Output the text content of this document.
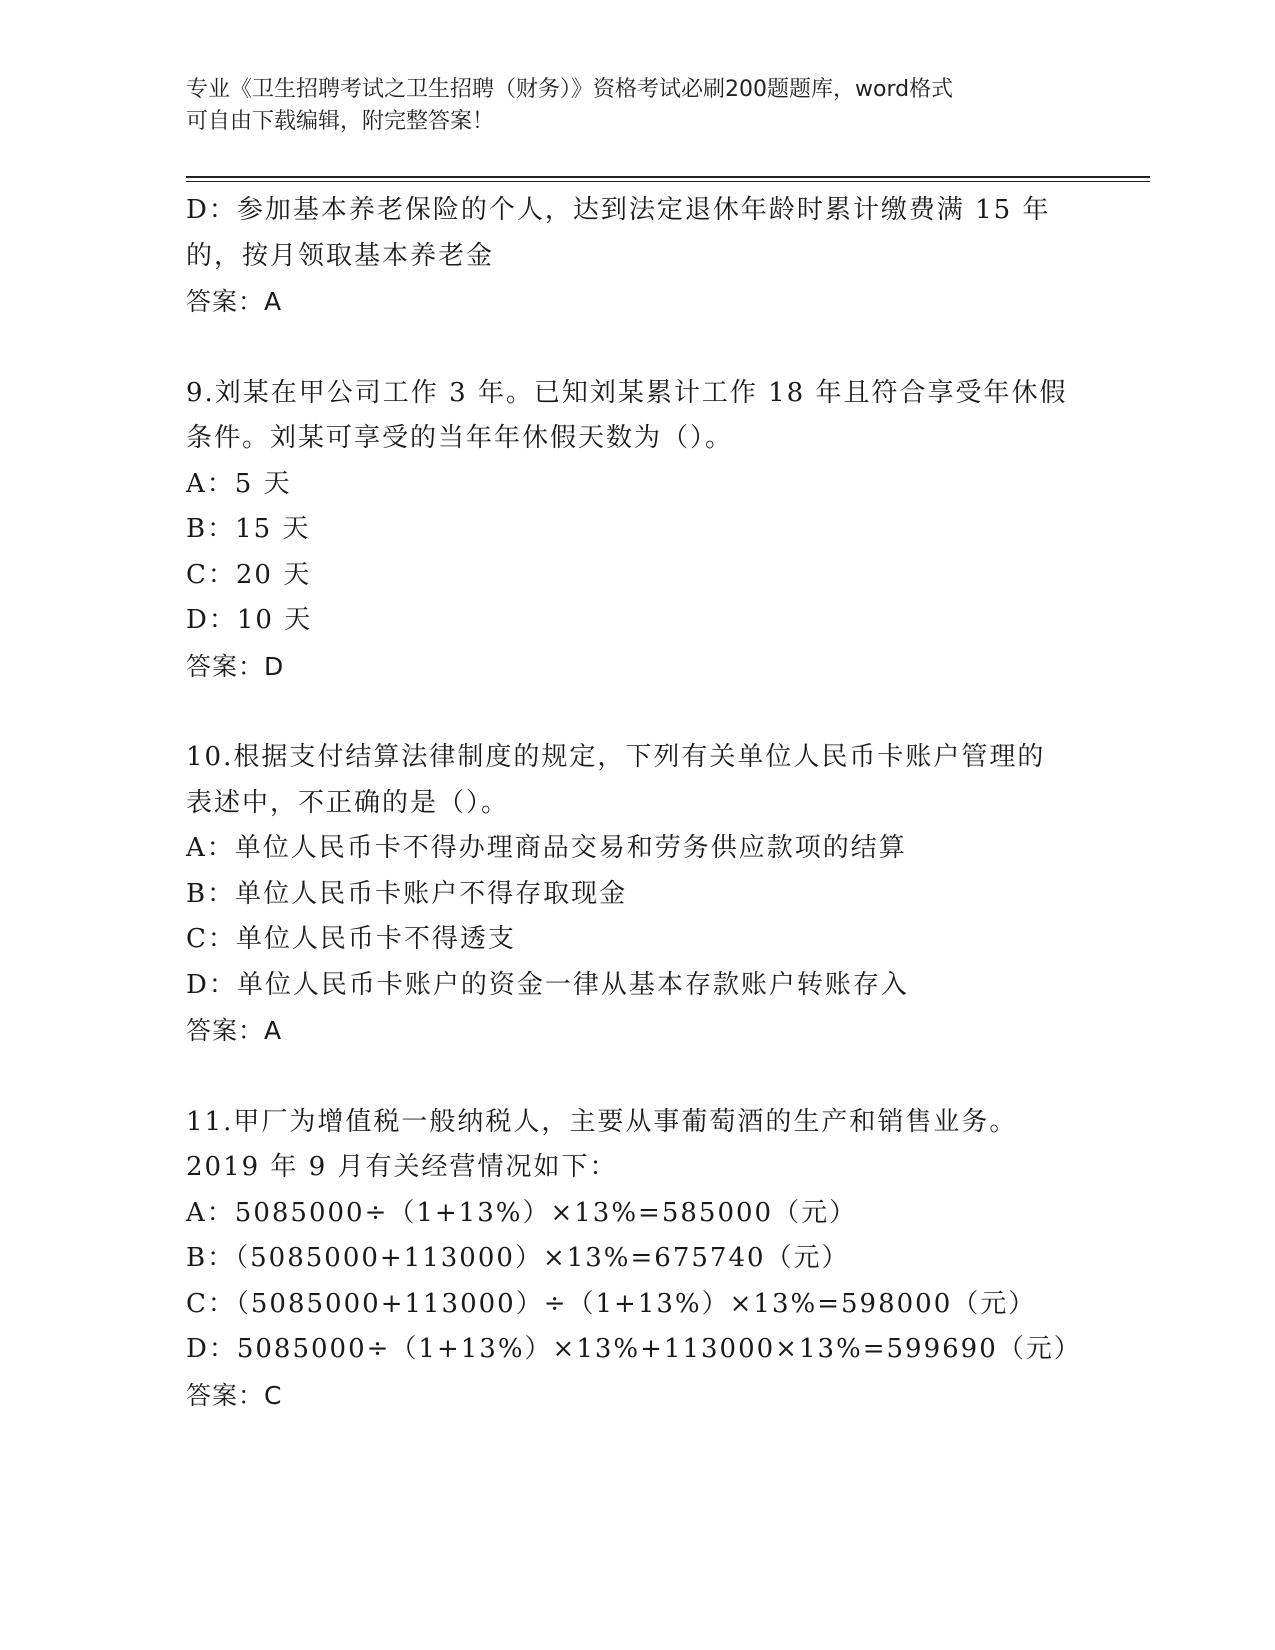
专业《卫生招聘考试之卫生招聘（财务）》资格考试必刷200题题库，word格式
可自由下载编辑，附完整答案！
D：参加基本养老保险的个人，达到法定退休年龄时累计缴费满 15 年
的，按月领取基本养老金
答案：A
9.刘某在甲公司工作 3 年。已知刘某累计工作 18 年且符合享受年休假
条件。刘某可享受的当年年休假天数为（）。
A：5 天
B：15 天
C：20 天
D：10 天
答案：D
10.根据支付结算法律制度的规定，下列有关单位人民币卡账户管理的
表述中，不正确的是（）。
A：单位人民币卡不得办理商品交易和劳务供应款项的结算
B：单位人民币卡账户不得存取现金
C：单位人民币卡不得透支
D：单位人民币卡账户的资金一律从基本存款账户转账存入
答案：A
11.甲厂为增值税一般纳税人，主要从事葡萄酒的生产和销售业务。
2019 年 9 月有关经营情况如下：
A：5085000÷（1+13%）×13%=585000（元）
B：（5085000+113000）×13%=675740（元）
C：（5085000+113000）÷（1+13%）×13%=598000（元）
D：5085000÷（1+13%）×13%+113000×13%=599690（元）
答案：C
